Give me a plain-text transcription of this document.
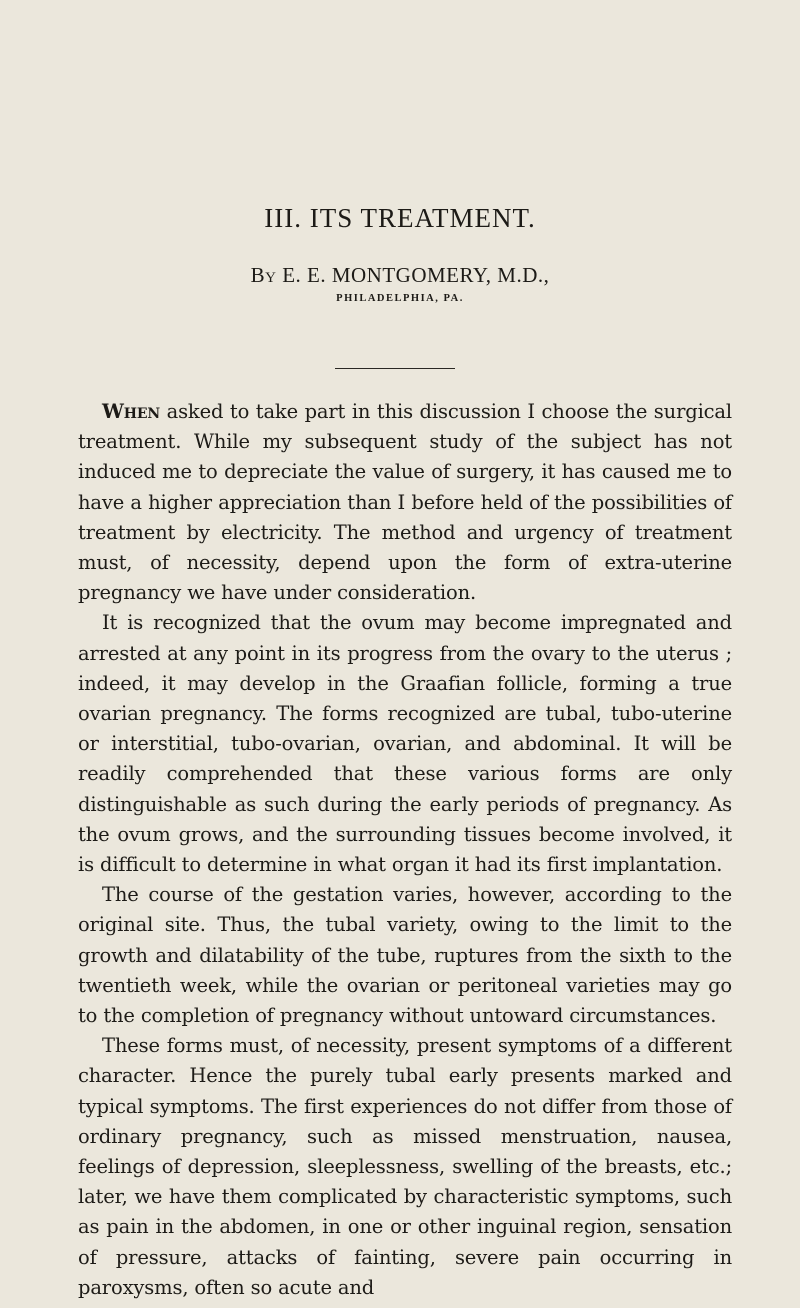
III. ITS TREATMENT.
By E. E. MONTGOMERY, M.D.,
PHILADELPHIA, PA.

When asked to take part in this discussion I choose the surgical treatment. While my subsequent study of the subject has not induced me to depreciate the value of surgery, it has caused me to have a higher appreciation than I before held of the possibilities of treatment by electricity. The method and urgency of treatment must, of necessity, depend upon the form of extra-uterine pregnancy we have under consideration.

It is recognized that the ovum may become impregnated and arrested at any point in its progress from the ovary to the uterus ; indeed, it may develop in the Graafian follicle, forming a true ovarian pregnancy. The forms recognized are tubal, tubo-uterine or interstitial, tubo-ovarian, ovarian, and abdominal. It will be readily comprehended that these various forms are only distinguishable as such during the early periods of pregnancy. As the ovum grows, and the surrounding tissues become involved, it is difficult to determine in what organ it had its first implantation.

The course of the gestation varies, however, according to the original site. Thus, the tubal variety, owing to the limit to the growth and dilatability of the tube, ruptures from the sixth to the twentieth week, while the ovarian or peritoneal varieties may go to the completion of pregnancy without untoward circumstances.

These forms must, of necessity, present symptoms of a different character. Hence the purely tubal early presents marked and typical symptoms. The first experiences do not differ from those of ordinary pregnancy, such as missed menstruation, nausea, feelings of depression, sleeplessness, swelling of the breasts, etc.; later, we have them complicated by characteristic symptoms, such as pain in the abdomen, in one or other inguinal region, sensation of pressure, attacks of fainting, severe pain occurring in paroxysms, often so acute and
